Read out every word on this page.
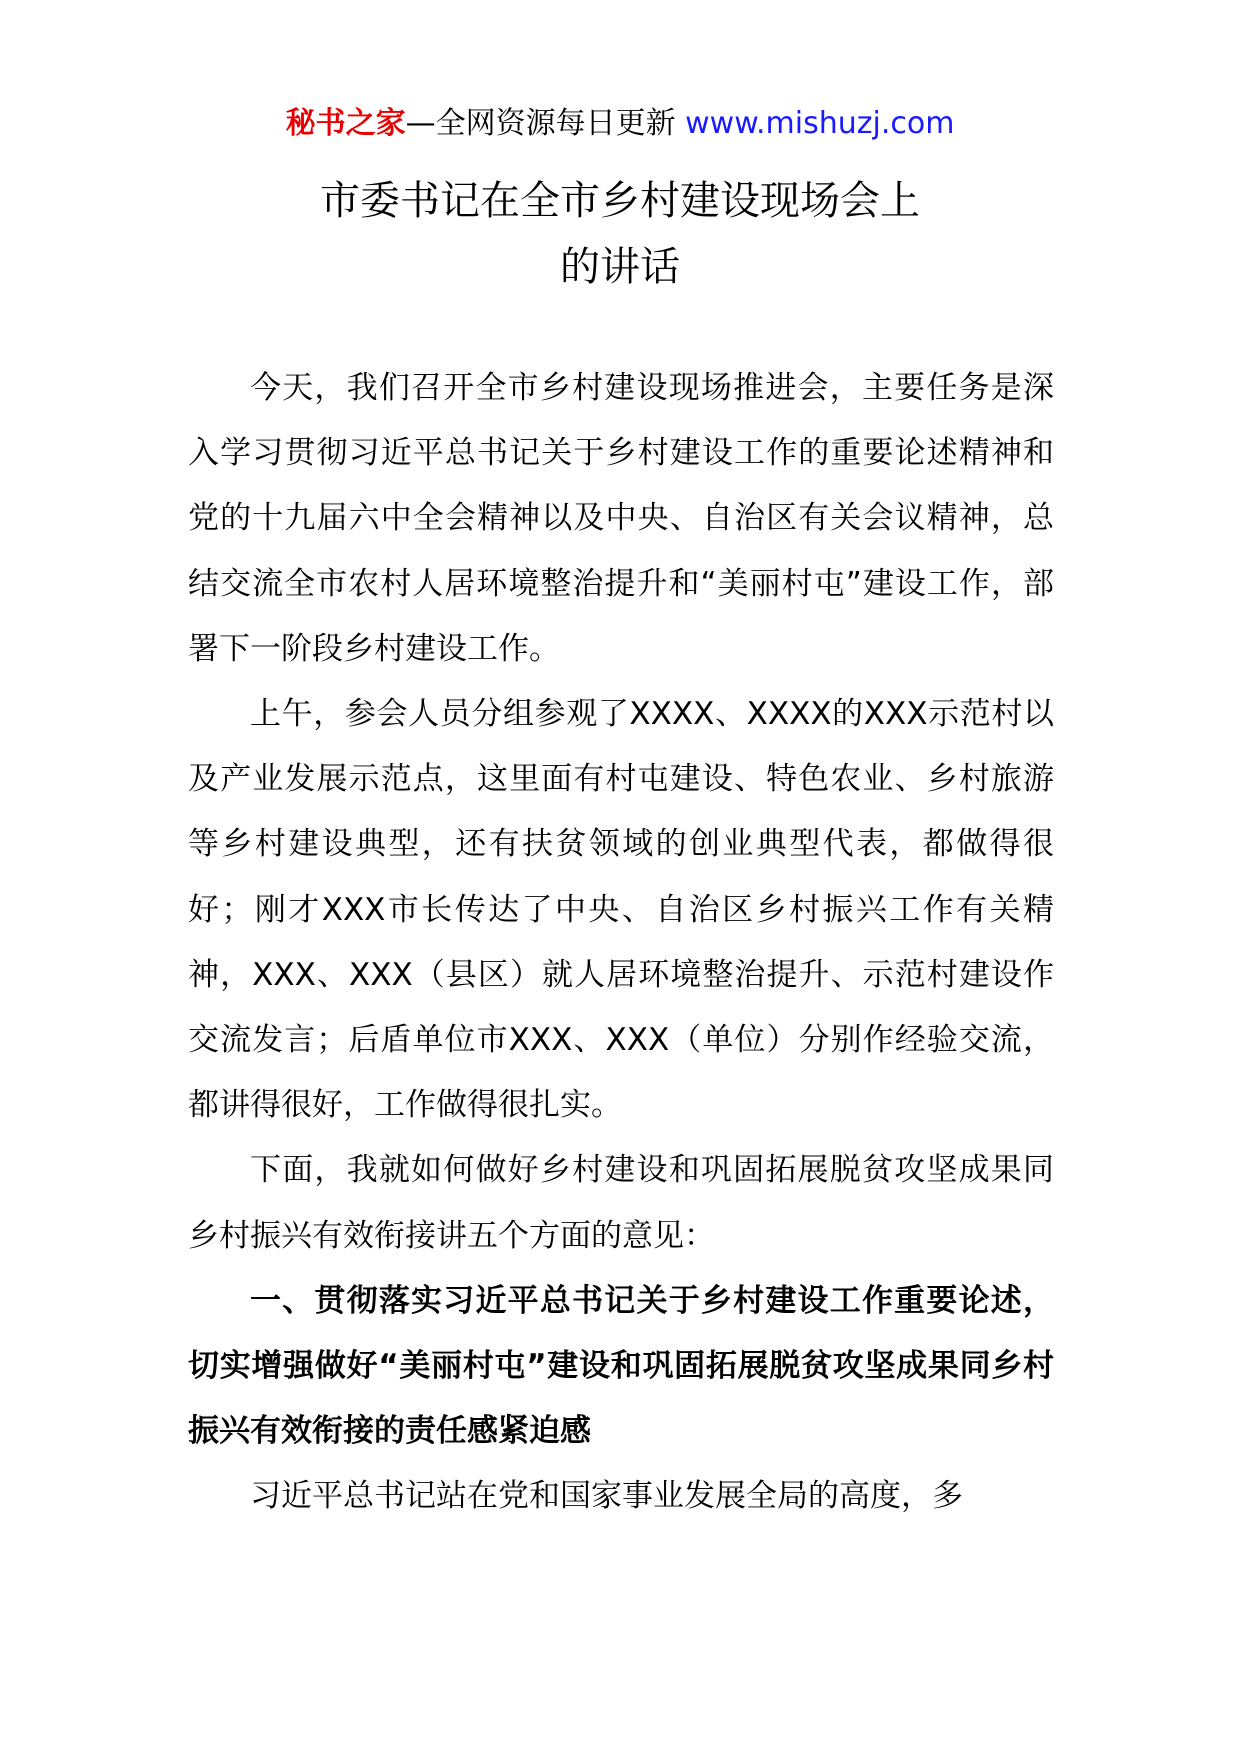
秘书之家—全网资源每日更新 www.mishuzj.com
市委书记在全市乡村建设现场会上
的讲话

今天，我们召开全市乡村建设现场推进会，主要任务是深入学习贯彻习近平总书记关于乡村建设工作的重要论述精神和党的十九届六中全会精神以及中央、自治区有关会议精神，总结交流全市农村人居环境整治提升和“美丽村屯”建设工作，部署下一阶段乡村建设工作。

上午，参会人员分组参观了XXXX、XXXX的XXX示范村以及产业发展示范点，这里面有村屯建设、特色农业、乡村旅游等乡村建设典型，还有扶贫领域的创业典型代表，都做得很好；刚才XXX市长传达了中央、自治区乡村振兴工作有关精神，XXX、XXX（县区）就人居环境整治提升、示范村建设作交流发言；后盾单位市XXX、XXX（单位）分别作经验交流，都讲得很好，工作做得很扎实。

下面，我就如何做好乡村建设和巩固拓展脱贫攻坚成果同乡村振兴有效衔接讲五个方面的意见：

一、贯彻落实习近平总书记关于乡村建设工作重要论述，切实增强做好“美丽村屯”建设和巩固拓展脱贫攻坚成果同乡村振兴有效衔接的责任感紧迫感

习近平总书记站在党和国家事业发展全局的高度，多
